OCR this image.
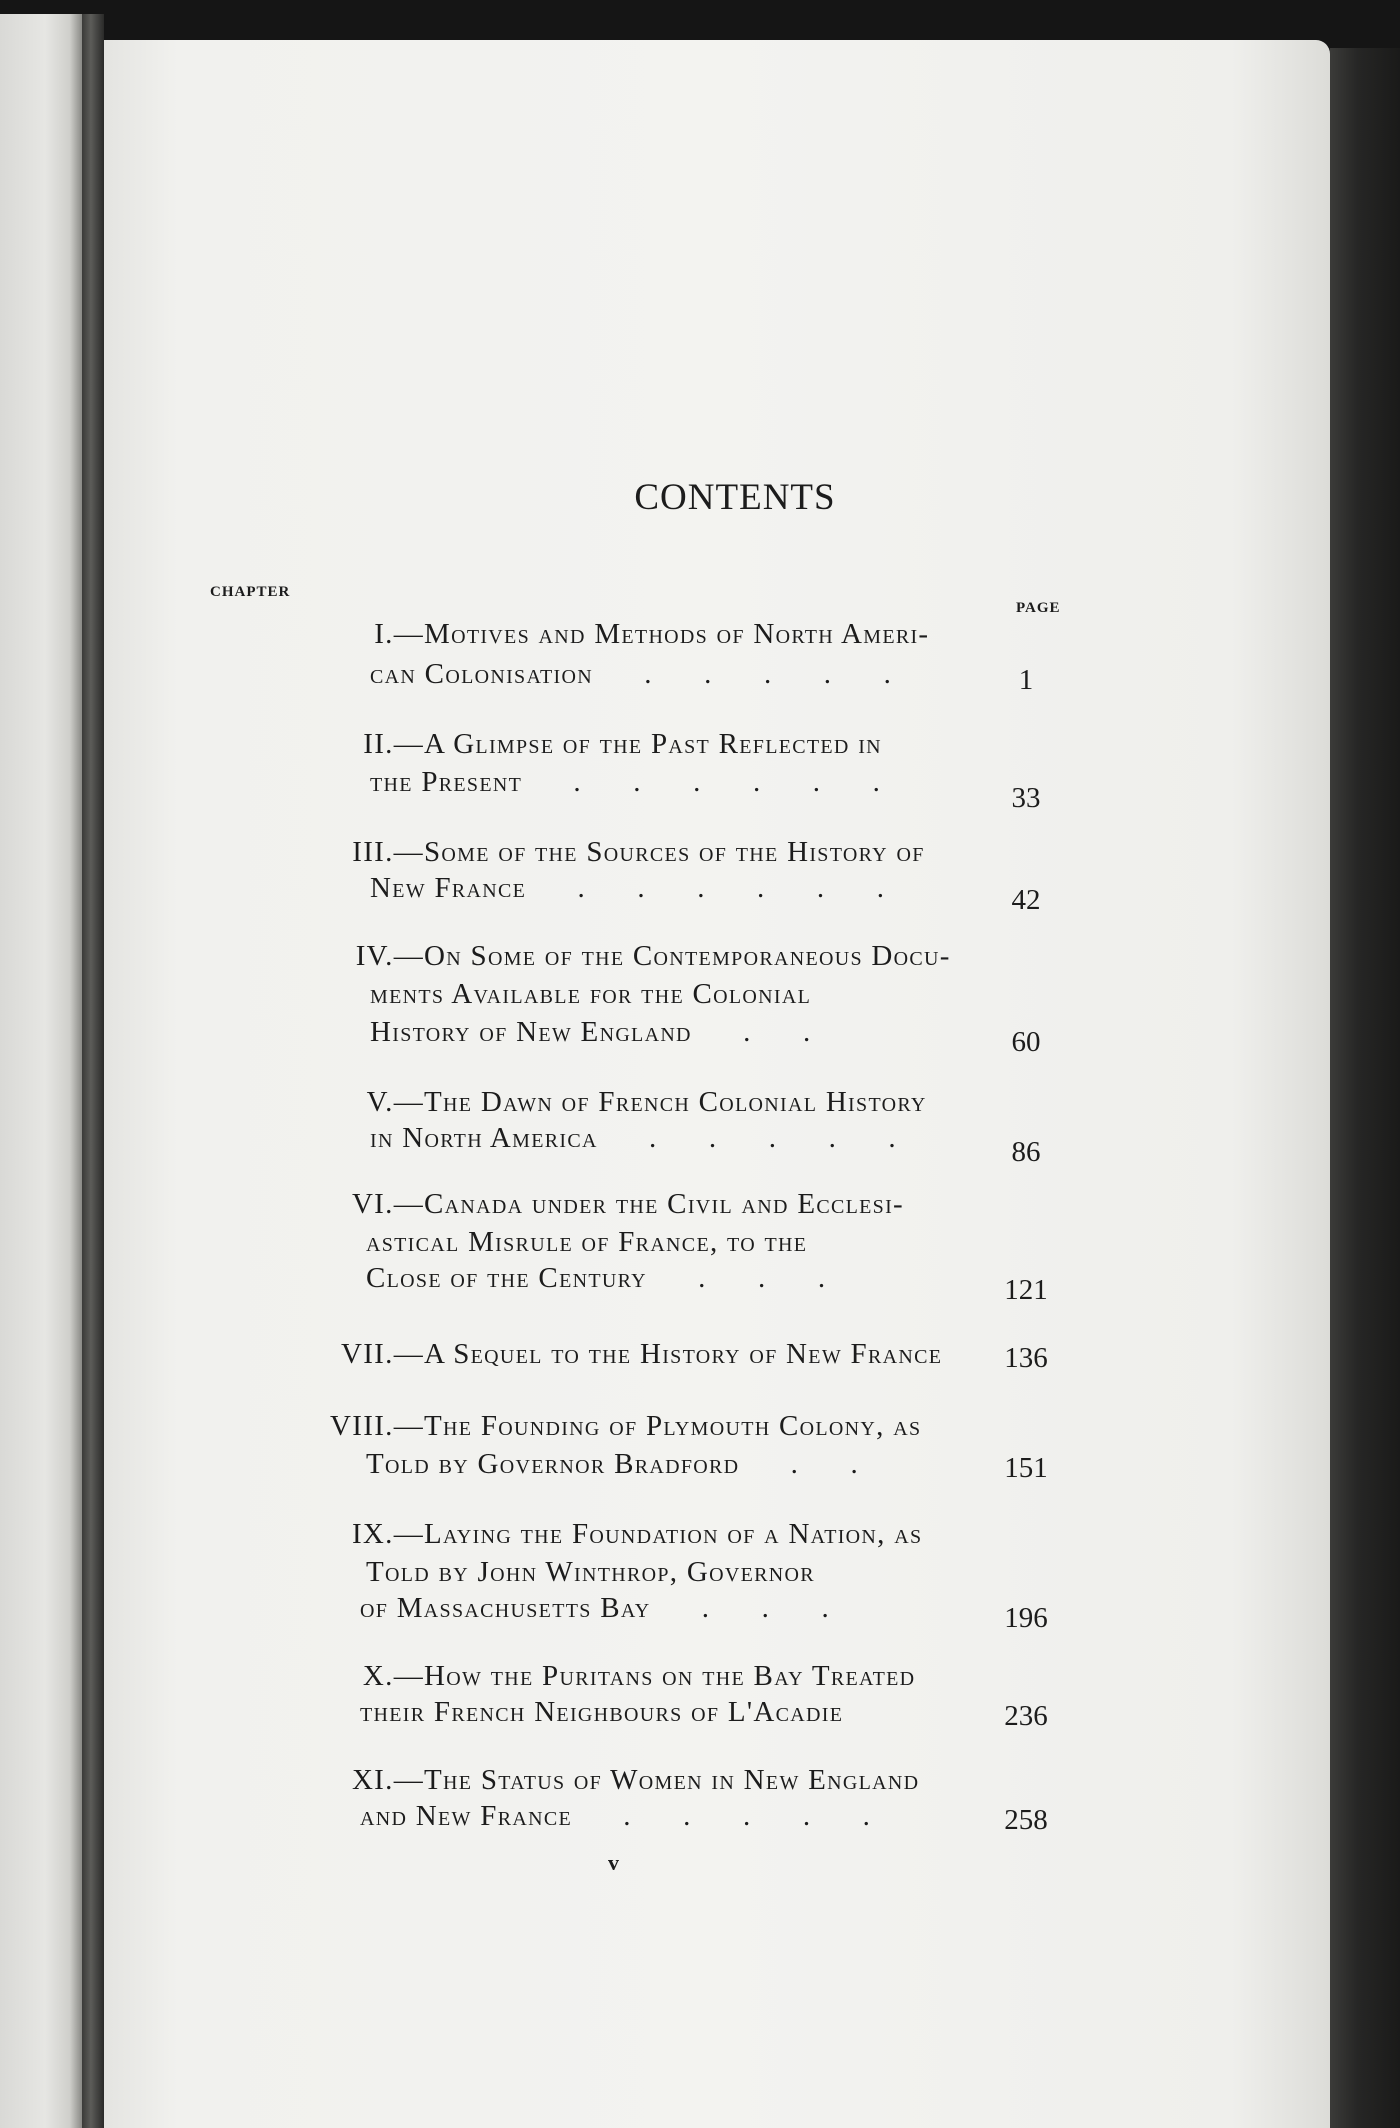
CONTENTS
CHAPTER
PAGE
I.— Motives and Methods of North Ameri-
can Colonisation      .      .      .      .      .	1
II.— A Glimpse of the Past Reflected in
the Present      .      .      .      .      .      .	33
III.— Some of the Sources of the History of
New France      .      .      .      .      .      .	42
IV.— On Some of the Contemporaneous Docu-
ments Available for the Colonial
History of New England      .      .	60
V.— The Dawn of French Colonial History
in North America      .      .      .      .      .	86
VI.— Canada under the Civil and Ecclesi-
astical Misrule of France, to the
Close of the Century      .      .      .	121
VII.— A Sequel to the History of New France	136
VIII.— The Founding of Plymouth Colony, as
Told by Governor Bradford      .      .	151
IX.— Laying the Foundation of a Nation, as
Told by John Winthrop, Governor
of Massachusetts Bay      .      .      .	196
X.— How the Puritans on the Bay Treated
their French Neighbours of L'Acadie	236
XI.— The Status of Women in New England
and New France      .      .      .      .      .	258
v
